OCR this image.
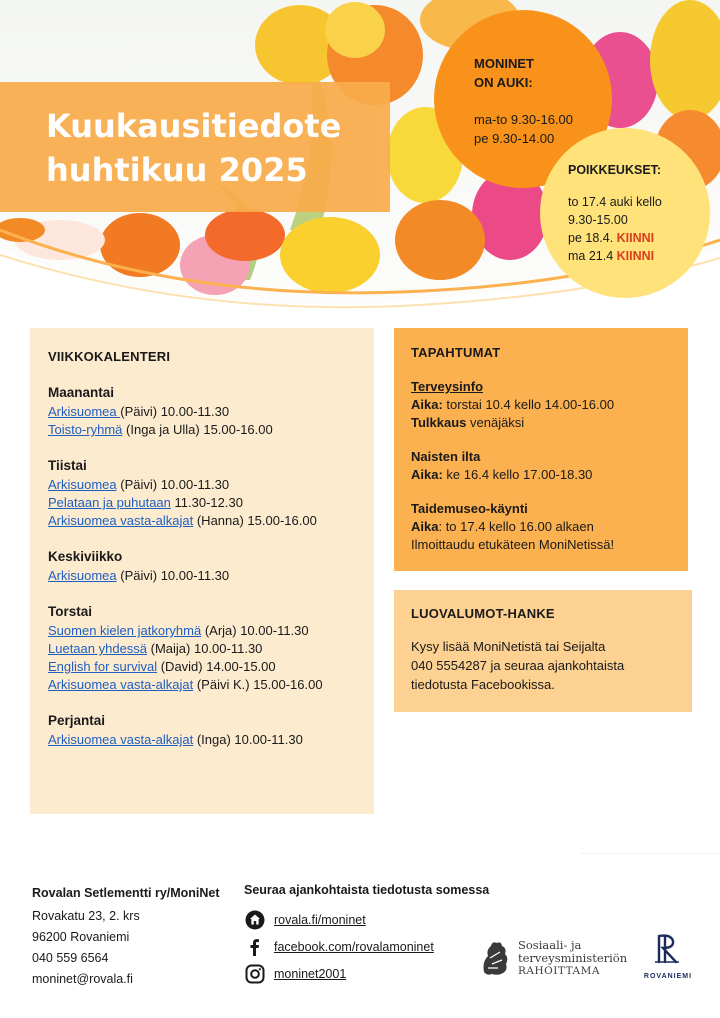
Kuukausitiedote
huhtikuu 2025
MONINET
ON AUKI:
ma-to 9.30-16.00
pe 9.30-14.00
POIKKEUKSET:
to 17.4 auki kello
9.30-15.00
pe 18.4. KIINNI
ma 21.4 KIINNI
VIIKKOKALENTERI
Maanantai
Arkisuomea (Päivi) 10.00-11.30
Toisto-ryhmä (Inga ja Ulla) 15.00-16.00
Tiistai
Arkisuomea (Päivi) 10.00-11.30
Pelataan ja puhutaan 11.30-12.30
Arkisuomea vasta-alkajat (Hanna) 15.00-16.00
Keskiviikko
Arkisuomea (Päivi) 10.00-11.30
Torstai
Suomen kielen jatkoryhmä (Arja) 10.00-11.30
Luetaan yhdessä (Maija) 10.00-11.30
English for survival (David) 14.00-15.00
Arkisuomea vasta-alkajat (Päivi K.) 15.00-16.00
Perjantai
Arkisuomea vasta-alkajat (Inga) 10.00-11.30
TAPAHTUMAT
Terveysinfo
Aika: torstai 10.4 kello 14.00-16.00
Tulkkaus venäjäksi
Naisten ilta
Aika: ke 16.4 kello 17.00-18.30
Taidemuseo-käynti
Aika: to 17.4 kello 16.00 alkaen
Ilmoittaudu etukäteen MoniNetissä!
LUOVALUMOT-HANKE
Kysy lisää MoniNetistä tai Seijalta
040 5554287 ja seuraa ajankohtaista
tiedotusta Facebookissa.
Rovalan Setlementti ry/MoniNet
Rovakatu 23, 2. krs
96200 Rovaniemi
040 559 6564
moninet@rovala.fi
Seuraa ajankohtaista tiedotusta somessa
rovala.fi/moninet
facebook.com/rovalamoninet
moninet2001
Sosiaali- ja
terveysministeriön
RAHOITTAMA	ROVANIEMI
